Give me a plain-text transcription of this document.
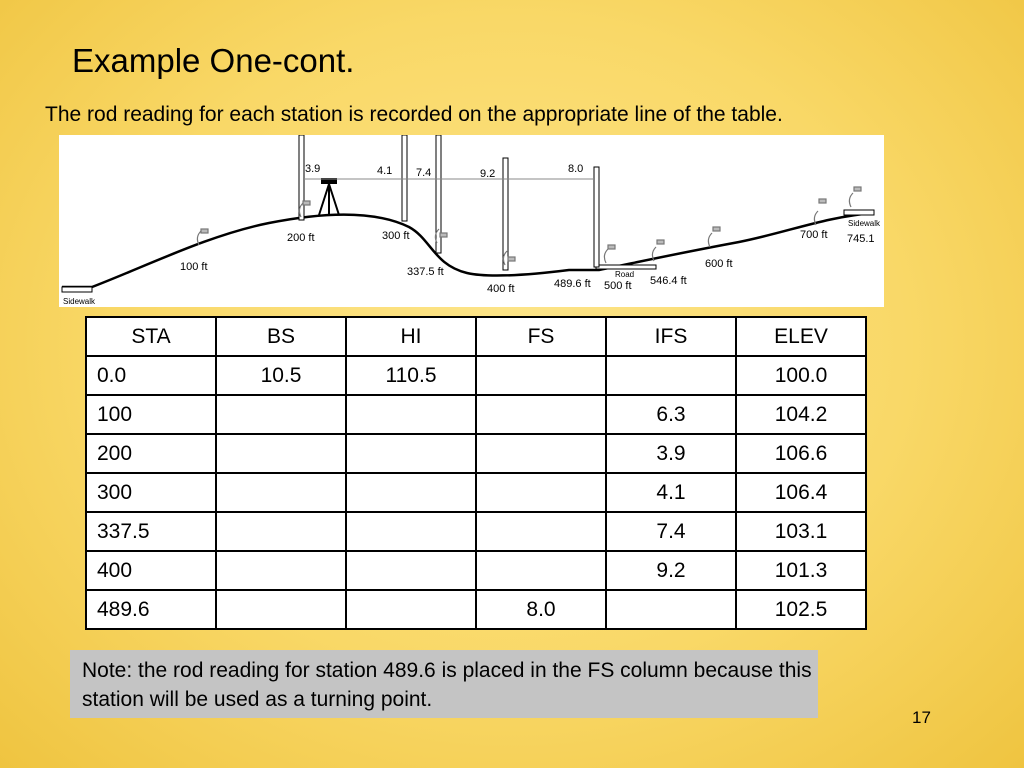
Example One-cont.
The rod reading for each station is recorded on the appropriate line of the table.
3.9	4.1 7.4	9.2	8.0
100 ft
200 ft	300 ft
337.5 ft
400 ft	489.6 ft 500 ft 546.4 ft
600 ft
700 ft 745.1
Sidewalk
Sidewalk
Road
STA	BS	HI	FS	IFS	ELEV
0.0	10.5	110.5			100.0
100				6.3	104.2
200				3.9	106.6
300				4.1	106.4
337.5				7.4	103.1
400				9.2	101.3
489.6			8.0		102.5
Note: the rod reading for station 489.6 is placed in the FS column because this station will be used as a turning point.
17
